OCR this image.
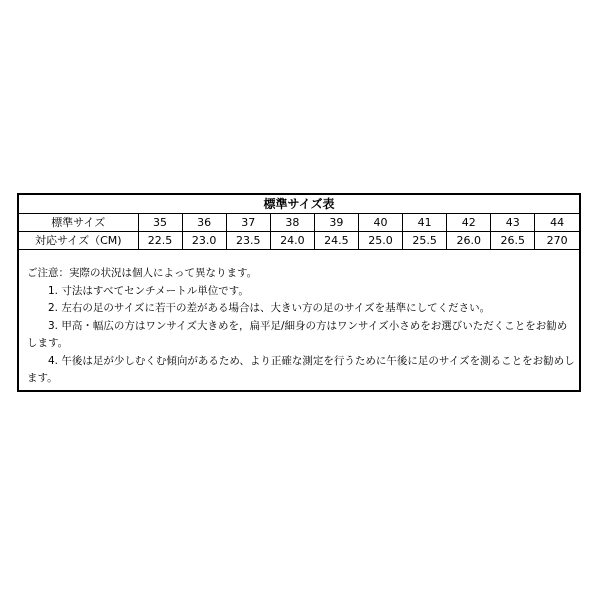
標準サイズ表										
標準サイズ	35	36	37	38	39	40	41	42	43	44
対応サイズ（CM)	22.5	23.0	23.5	24.0	24.5	25.0	25.5	26.0	26.5	270

ご注意：実際の状況は個人によって異なります。

1. 寸法はすべてセンチメートル単位です。

2. 左右の足のサイズに若干の差がある場合は、大きい方の足のサイズを基準にしてください。

3. 甲高・幅広の方はワンサイズ大きめを，扁平足/細身の方はワンサイズ小さめをお選びいただくことをお勧めします。

4. 午後は足が少しむくむ傾向があるため、より正確な測定を行うために午後に足のサイズを測ることをお勧めします。
